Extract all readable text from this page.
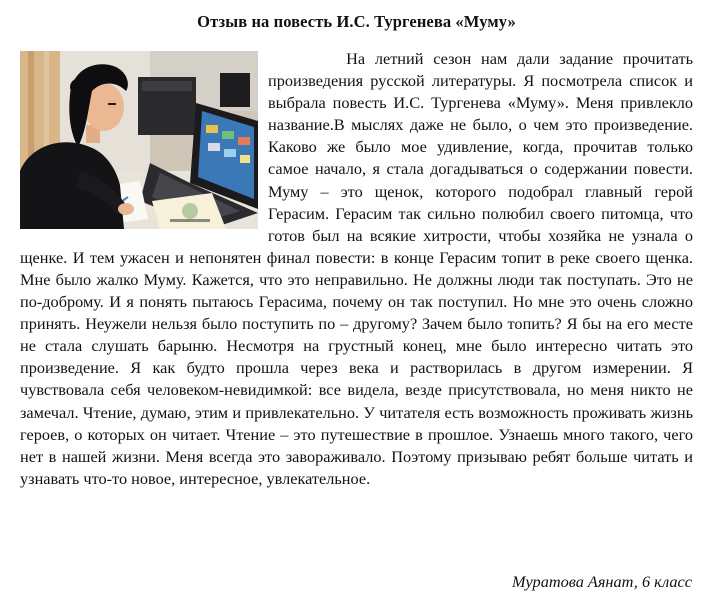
Отзыв на повесть И.С. Тургенева «Муму»

На летний сезон нам дали задание прочитать произведения русской литературы. Я посмотрела список и выбрала повесть И.С. Тургенева «Муму». Меня привлекло название.В мыслях даже не было, о чем это произведение. Каково же было мое удивление, когда, прочитав только самое начало, я стала догадываться о содержании повести. Муму – это щенок, которого подобрал главный герой Герасим. Герасим так сильно полюбил своего питомца, что готов был на всякие хитрости, чтобы хозяйка не узнала о щенке. И тем ужасен и непонятен финал повести: в конце Герасим топит в реке своего щенка. Мне было жалко Муму. Кажется, что это неправильно. Не должны люди так поступать. Это не по-доброму. И я понять пытаюсь Герасима, почему он так поступил. Но мне это очень сложно принять. Неужели нельзя было поступить по – другому? Зачем было топить? Я бы на его месте не стала слушать барыню. Несмотря на грустный конец, мне было интересно читать это произведение. Я как будто прошла через века и растворилась в другом измерении. Я чувствовала себя человеком-невидимкой: все видела, везде присутствовала, но меня никто не замечал. Чтение, думаю, этим и привлекательно. У читателя есть возможность проживать жизнь героев, о которых он читает. Чтение – это путешествие в прошлое. Узнаешь много такого, чего нет в нашей жизни. Меня всегда это завораживало. Поэтому призываю ребят больше читать и узнавать что-то новое, интересное, увлекательное.

Муратова Аянат, 6 класс
